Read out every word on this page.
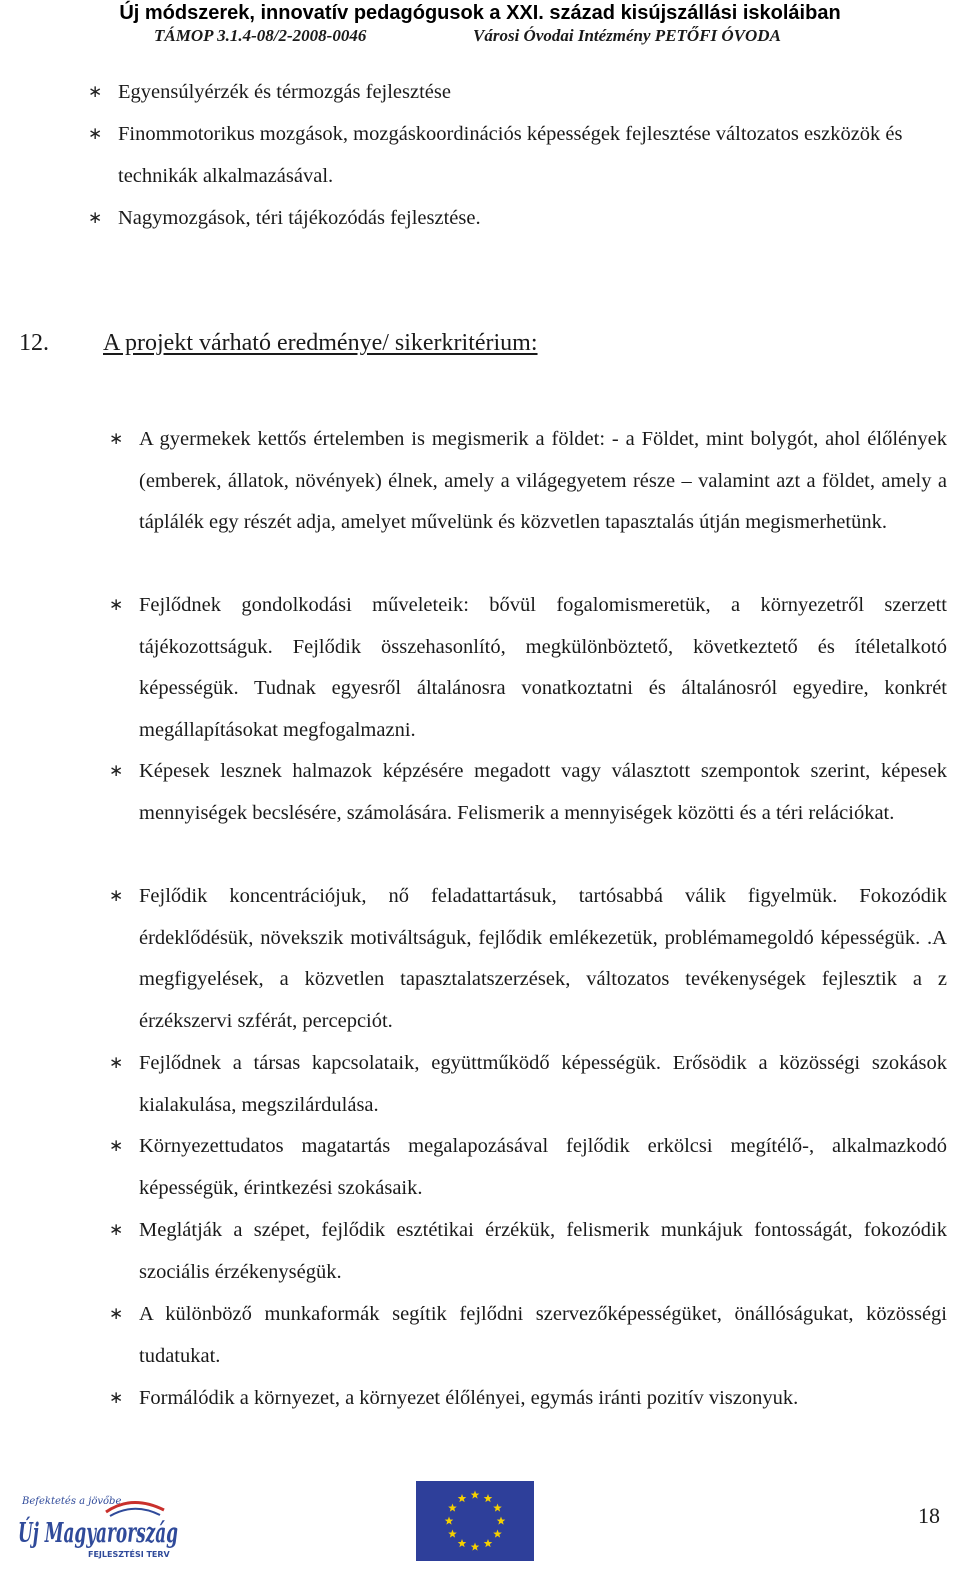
Új módszerek, innovatív pedagógusok a XXI. század kisújszállási iskoláiban
TÁMOP 3.1.4-08/2-2008-0046	Városi Óvodai Intézmény PETŐFI ÓVODA
∗ Egyensúlyérzék és térmozgás fejlesztése
∗ Finommotorikus mozgások, mozgáskoordinációs képességek fejlesztése változatos eszközök és technikák alkalmazásával.
∗ Nagymozgások, téri tájékozódás fejlesztése.
12. A projekt várható eredménye/ sikerkritérium:
∗ A gyermekek kettős értelemben is megismerik a földet: - a Földet, mint bolygót, ahol élőlények (emberek, állatok, növények) élnek, amely a világegyetem része – valamint azt a földet, amely a táplálék egy részét adja, amelyet művelünk és közvetlen tapasztalás útján megismerhetünk.
∗ Fejlődnek gondolkodási műveleteik: bővül fogalomismeretük, a környezetről szerzett tájékozottságuk. Fejlődik összehasonlító, megkülönböztető, következtető és ítéletalkotó képességük. Tudnak egyesről általánosra vonatkoztatni és általánosról egyedire, konkrét megállapításokat megfogalmazni.
∗ Képesek lesznek halmazok képzésére megadott vagy választott szempontok szerint, képesek mennyiségek becslésére, számolására. Felismerik a mennyiségek közötti és a téri relációkat.
∗ Fejlődik koncentrációjuk, nő feladattartásuk, tartósabbá válik figyelmük. Fokozódik érdeklődésük, növekszik motiváltságuk, fejlődik emlékezetük, problémamegoldó képességük. .A megfigyelések, a közvetlen tapasztalatszerzések, változatos tevékenységek fejlesztik a z érzékszervi szférát, percepciót.
∗ Fejlődnek a társas kapcsolataik, együttműködő képességük. Erősödik a közösségi szokások kialakulása, megszilárdulása.
∗ Környezettudatos magatartás megalapozásával fejlődik erkölcsi megítélő-, alkalmazkodó képességük, érintkezési szokásaik.
∗ Meglátják a szépet, fejlődik esztétikai érzékük, felismerik munkájuk fontosságát, fokozódik szociális érzékenységük.
∗ A különböző munkaformák segítik fejlődni szervezőképességüket, önállóságukat, közösségi tudatukat.
∗ Formálódik a környezet, a környezet élőlényei, egymás iránti pozitív viszonyuk.
Befektetés a jövőbe
Új Magyarország
FEJLESZTÉSI TERV
18
